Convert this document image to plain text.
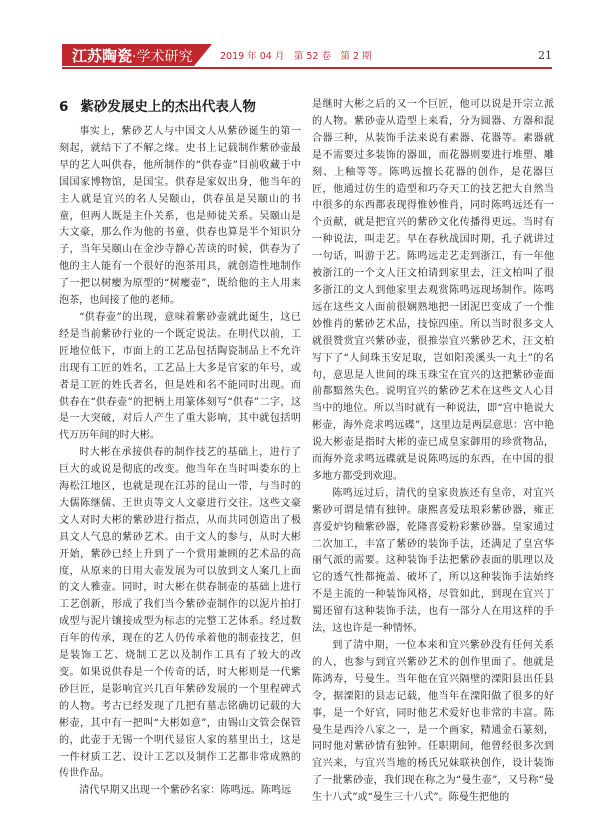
江苏陶瓷 ·学术研究	2019 年 04 月　第 52 卷　第 2 期	21
6 紫砂发展史上的杰出代表人物

事实上，紫砂艺人与中国文人从紫砂诞生的第一刻起，就结下了不解之缘。史书上记载制作紫砂壶最早的艺人叫供春，他所制作的“供春壶”目前收藏于中国国家博物馆，是国宝。供春是家奴出身，他当年的主人就是宜兴的名人吴颐山，供春虽是吴颐山的书童，但两人既是主仆关系，也是师徒关系。吴颐山是大文豪，那么作为他的书童，供春也算是半个知识分子，当年吴颐山在金沙寺静心苦读的时候，供春为了他的主人能有一个很好的泡茶用具，就创造性地制作了一把以树瘿为原型的“树瘿壶”，既给他的主人用来泡茶，也间接了他的老师。

“供春壶”的出现，意味着紫砂壶就此诞生，这已经是当前紫砂行业的一个既定说法。在明代以前，工匠地位低下，市面上的工艺品包括陶瓷制品上不允许出现有工匠的姓名，工艺品上大多是官家的年号，或者是工匠的姓氏者名，但是姓和名不能同时出现。而供春在“供春壶”的把柄上用篆体刻写“供春”二字，这是一大突破，对后人产生了重大影响，其中就包括明代万历年间的时大彬。

时大彬在承接供春的制作技艺的基础上，进行了巨大的或说是彻底的改变。他当年在当时叫娄东的上海松江地区，也就是现在江苏的昆山一带，与当时的大儒陈继儒、王世贞等文人文豪进行交往。这些文豪文人对时大彬的紫砂进行指点，从而共同创造出了极具文人气息的紫砂艺术。由于文人的参与，从时大彬开始，紫砂已经上升到了一个赏用兼顾的艺术品的高度，从原来的日用大壶发展为可以放到文人案几上面的文人雅壶。同时，时大彬在供春制壶的基础上进行工艺创新，形成了我们当今紫砂壶制作的以泥片拍打成型与泥片镶接成型为标志的完整工艺体系。经过数百年的传承，现在的艺人仍传承着他的制壶技艺，但是装饰工艺、烧制工艺以及制作工具有了较大的改变。如果说供春是一个传奇的话，时大彬则是一代紫砂巨匠，是影响宜兴几百年紫砂发展的一个里程碑式的人物。考古已经发现了几把有墓志铭确切记载的大彬壶，其中有一把叫“大彬如意”，由锡山文管会保管的，此壶于无锡一个明代显宦人家的墓里出土，这是一件材质工艺、设计工艺以及制作工艺都非常成熟的传世作品。

清代早期又出现一个紫砂名家：陈鸣远。陈鸣远

是继时大彬之后的又一个巨匠，他可以说是开宗立派的人物。紫砂壶从造型上来看，分为圆器、方器和混合器三种，从装饰手法来说有素器、花器等。素器就是不需要过多装饰的器皿，而花器则要进行堆塑、雕刻、上釉等等。陈鸣远擅长花器的创作，是花器巨匠，他通过仿生的造型和巧夺天工的技艺把大自然当中很多的东西都表现得惟妙惟肖，同时陈鸣远还有一个贡献，就是把宜兴的紫砂文化传播得更远。当时有一种说法，叫走艺。早在春秋战国时期，孔子就讲过一句话，叫游于艺。陈鸣远走艺走到浙江，有一年他被浙江的一个文人汪文柏请到家里去，汪文柏叫了很多浙江的文人到他家里去观赏陈鸣远现场制作。陈鸣远在这些文人面前很娴熟地把一团泥巴变成了一个惟妙惟肖的紫砂艺术品，技惊四座。所以当时很多文人就很赞赏宜兴紫砂壶，很推崇宜兴紫砂艺术，汪文柏写下了“人间珠玉安足取，岂如阳羡溪头一丸土”的名句，意思是人世间的珠玉珠宝在宜兴的这把紫砂壶面前都黯然失色。说明宜兴的紫砂艺术在这些文人心目当中的地位。所以当时就有一种说法，即“宫中艳说大彬壶，海外竞求鸣远碟”，这里边是两层意思：宫中艳说大彬壶是指时大彬的壶已成皇家御用的珍赏物品，而海外竞求鸣远碟就是说陈鸣远的东西，在中国的很多地方都受到欢迎。

陈鸣远过后，清代的皇家贵族还有皇帝，对宜兴紫砂可谓是情有独钟。康熙喜爱珐琅彩紫砂器，雍正喜爱炉钧釉紫砂器，乾隆喜爱粉彩紫砂器。皇家通过二次加工，丰富了紫砂的装饰手法，还满足了皇宫华丽气派的需要。这种装饰手法把紫砂表面的肌理以及它的透气性都掩盖、破坏了，所以这种装饰手法始终不是主流的一种装饰风格，尽管如此，到现在宜兴丁蜀还留有这种装饰手法，也有一部分人在用这样的手法，这也许是一种情怀。

到了清中期，一位本来和宜兴紫砂没有任何关系的人，也参与到宜兴紫砂艺术的创作里面了。他就是陈鸿寿，号曼生。当年他在宜兴隔壁的溧阳县出任县令，据溧阳的县志记载，他当年在溧阳做了很多的好事，是一个好官，同时他艺术爱好也非常的丰富。陈曼生是西泠八家之一，是一个画家，精通金石篆刻，同时他对紫砂情有独钟。任职期间，他曾经很多次到宜兴来，与宜兴当地的杨氏兄妹联袂创作，设计装饰了一批紫砂壶，我们现在称之为“曼生壶”，又号称“曼生十八式”或“曼生三十八式”。陈曼生把他的
